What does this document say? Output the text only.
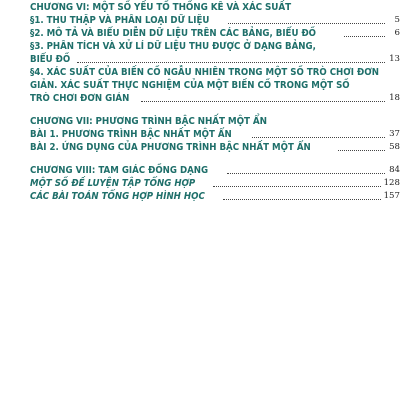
CHƯƠNG VI: MỘT SỐ YẾU TỐ THỐNG KÊ VÀ XÁC SUẤT
§1. THU THẬP VÀ PHÂN LOẠI DỮ LIỆU	5
§2. MÔ TẢ VÀ BIỂU DIỄN DỮ LIỆU TRÊN CÁC BẢNG, BIỂU ĐỒ	6
§3. PHÂN TÍCH VÀ XỬ LÍ DỮ LIỆU THU ĐƯỢC Ở DẠNG BẢNG,
BIỂU ĐỒ	13
§4. XÁC SUẤT CỦA BIẾN CỐ NGẪU NHIÊN TRONG MỘT SỐ TRÒ CHƠI ĐƠN
GIẢN. XÁC SUẤT THỰC NGHIỆM CỦA MỘT BIẾN CỐ TRONG MỘT SỐ
TRÒ CHƠI ĐƠN GIẢN	18
CHƯƠNG VII: PHƯƠNG TRÌNH BẬC NHẤT MỘT ẨN
BÀI 1. PHƯƠNG TRÌNH BẬC NHẤT MỘT ẨN	37
BÀI 2. ỨNG DỤNG CỦA PHƯƠNG TRÌNH BẬC NHẤT MỘT ẨN	58
CHƯƠNG VIII: TAM GIÁC ĐỒNG DẠNG	84
MỘT SỐ ĐỀ LUYỆN TẬP TỔNG HỢP	128
CÁC BÀI TOÁN TỔNG HỢP HÌNH HỌC	157
